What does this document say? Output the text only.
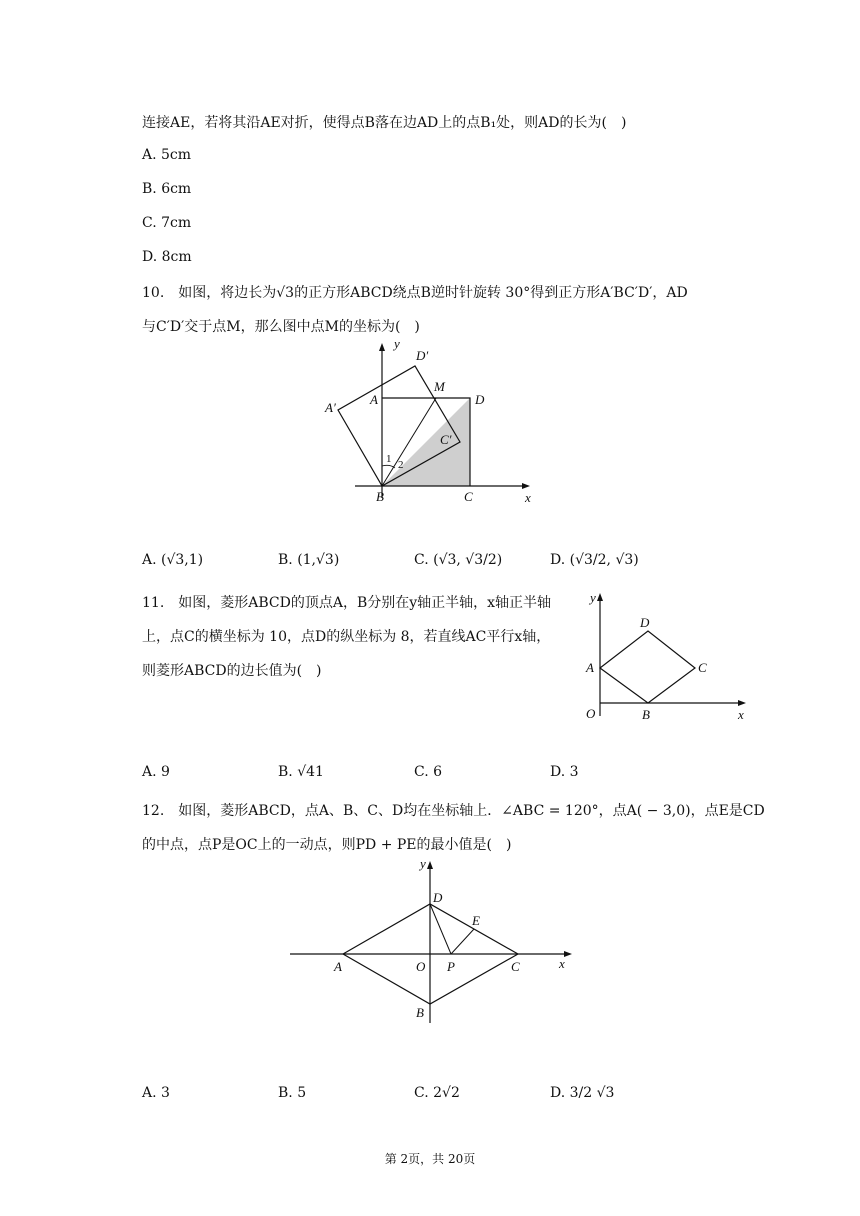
连接AE，若将其沿AE对折，使得点B落在边AD上的点B₁处，则AD的长为(　)
A. 5cm
B. 6cm
C. 7cm
D. 8cm
10.　如图，将边长为√3的正方形ABCD绕点B逆时针旋转 30°得到正方形A′BC′D′，AD
与C′D′交于点M，那么图中点M的坐标为(　)
y
D′
M
A′
A	D
C′
1 2
B	C	x
A. (√3,1)	B. (1,√3)	C. (√3, √3/2)	D. (√3/2, √3)
11.　如图，菱形ABCD的顶点A，B分别在y轴正半轴，x轴正半轴
上，点C的横坐标为 10，点D的纵坐标为 8，若直线AC平行x轴，
则菱形ABCD的边长值为(　)
y
D
A	C
O	B	x
A. 9	B. √41	C. 6	D. 3
12.　如图，菱形ABCD，点A、B、C、D均在坐标轴上．∠ABC = 120°，点A( − 3,0)，点E是CD
的中点，点P是OC上的一动点，则PD + PE的最小值是(　)
y
D
E
A	O P	C	x
B
A. 3	B. 5	C. 2√2	D. 3/2 √3
第 2页，共 20页
